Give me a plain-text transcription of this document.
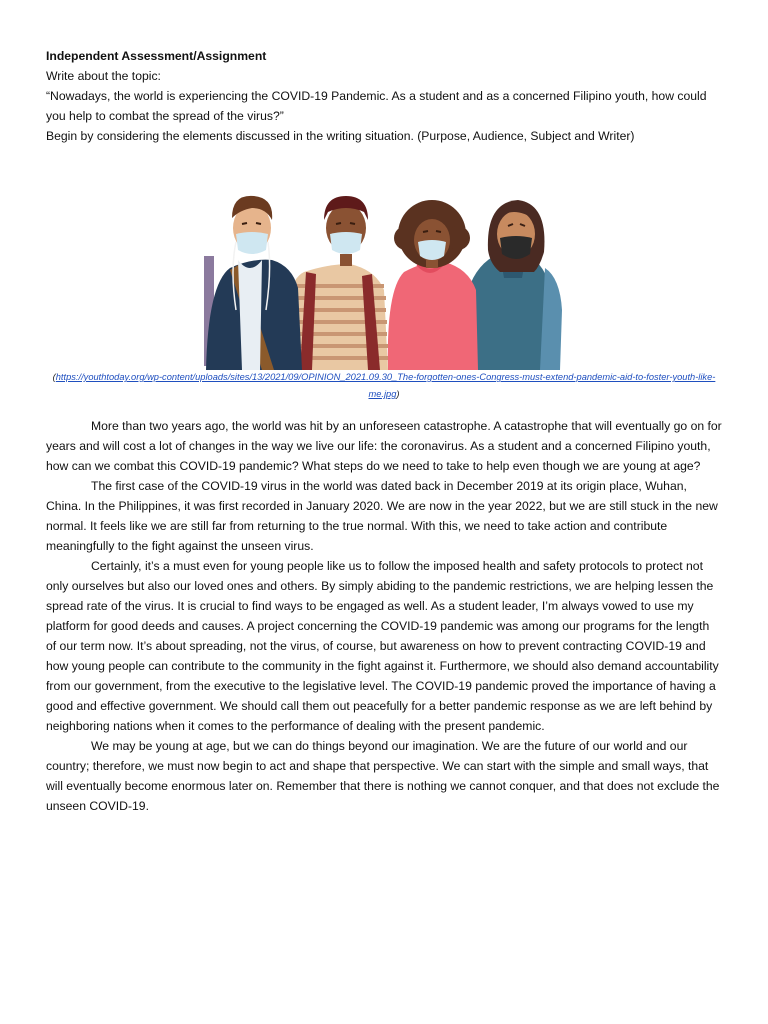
Independent Assessment/Assignment

Write about the topic:

“Nowadays, the world is experiencing the COVID-19 Pandemic. As a student and as a concerned Filipino youth, how could you help to combat the spread of the virus?”

Begin by considering the elements discussed in the writing situation. (Purpose, Audience, Subject and Writer)

(https://youthtoday.org/wp-content/uploads/sites/13/2021/09/OPINION_2021.09.30_The-forgotten-ones-Congress-must-extend-pandemic-aid-to-foster-youth-like-me.jpg)

More than two years ago, the world was hit by an unforeseen catastrophe. A catastrophe that will eventually go on for years and will cost a lot of changes in the way we live our life: the coronavirus. As a student and a concerned Filipino youth, how can we combat this COVID-19 pandemic? What steps do we need to take to help even though we are young at age?

The first case of the COVID-19 virus in the world was dated back in December 2019 at its origin place, Wuhan, China. In the Philippines, it was first recorded in January 2020. We are now in the year 2022, but we are still stuck in the new normal. It feels like we are still far from returning to the true normal. With this, we need to take action and contribute meaningfully to the fight against the unseen virus.

Certainly, it’s a must even for young people like us to follow the imposed health and safety protocols to protect not only ourselves but also our loved ones and others. By simply abiding to the pandemic restrictions, we are helping lessen the spread rate of the virus. It is crucial to find ways to be engaged as well. As a student leader, I’m always vowed to use my platform for good deeds and causes. A project concerning the COVID-19 pandemic was among our programs for the length of our term now. It’s about spreading, not the virus, of course, but awareness on how to prevent contracting COVID-19 and how young people can contribute to the community in the fight against it. Furthermore, we should also demand accountability from our government, from the executive to the legislative level. The COVID-19 pandemic proved the importance of having a good and effective government. We should call them out peacefully for a better pandemic response as we are left behind by neighboring nations when it comes to the performance of dealing with the present pandemic.

We may be young at age, but we can do things beyond our imagination. We are the future of our world and our country; therefore, we must now begin to act and shape that perspective. We can start with the simple and small ways, that will eventually become enormous later on. Remember that there is nothing we cannot conquer, and that does not exclude the unseen COVID-19.
